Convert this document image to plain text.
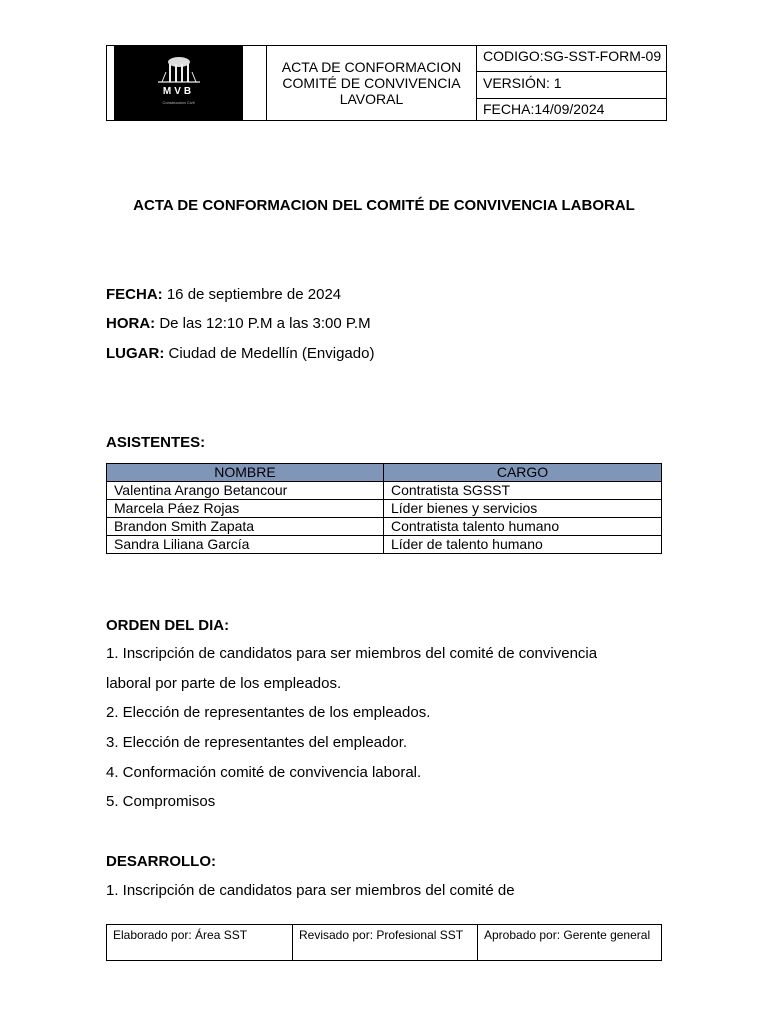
MVB
Construcción Civil
ACTA DE CONFORMACION COMITÉ DE CONVIVENCIA LAVORAL
CODIGO:SG-SST-FORM-09
VERSIÓN: 1
FECHA:14/09/2024
ACTA DE CONFORMACION DEL COMITÉ DE CONVIVENCIA LABORAL
FECHA: 16 de septiembre de 2024
HORA: De las 12:10 P.M a las 3:00 P.M
LUGAR: Ciudad de Medellín (Envigado)
ASISTENTES:
NOMBRE	CARGO
Valentina Arango Betancour	Contratista SGSST
Marcela Páez Rojas	Líder bienes y servicios
Brandon Smith Zapata	Contratista talento humano
Sandra Liliana García	Líder de talento humano
ORDEN DEL DIA:
1. Inscripción de candidatos para ser miembros del comité de convivencia
laboral por parte de los empleados.
2. Elección de representantes de los empleados.
3. Elección de representantes del empleador.
4. Conformación comité de convivencia laboral.
5. Compromisos
DESARROLLO:
1. Inscripción de candidatos para ser miembros del comité de
Elaborado por: Área SST	Revisado por: Profesional SST	Aprobado por: Gerente general
